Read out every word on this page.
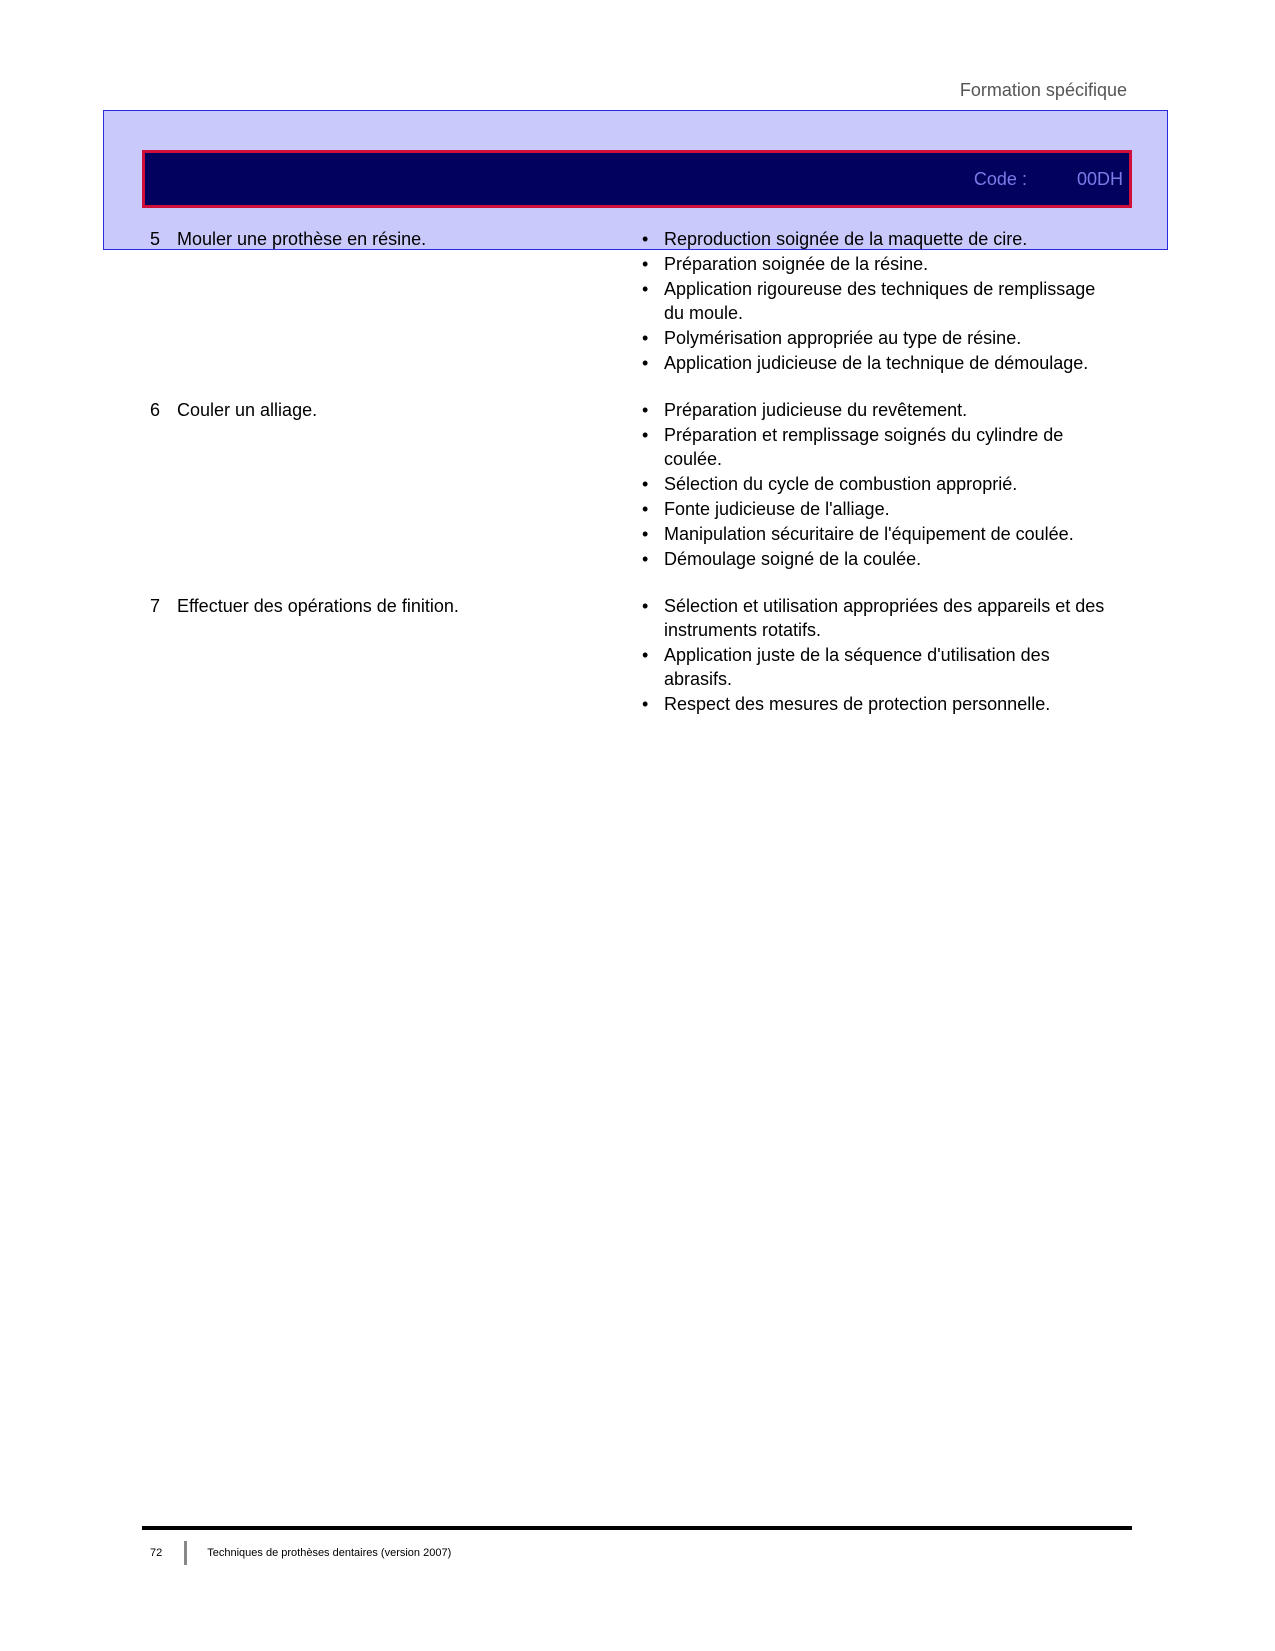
Formation spécifique
Code :	00DH
5 Mouler une prothèse en résine.	• Reproduction soignée de la maquette de cire.
• Préparation soignée de la résine.
• Application rigoureuse des techniques de remplissage du moule.
• Polymérisation appropriée au type de résine.
• Application judicieuse de la technique de démoulage.
6 Couler un alliage.	• Préparation judicieuse du revêtement.
• Préparation et remplissage soignés du cylindre de coulée.
• Sélection du cycle de combustion approprié.
• Fonte judicieuse de l'alliage.
• Manipulation sécuritaire de l'équipement de coulée.
• Démoulage soigné de la coulée.
7 Effectuer des opérations de finition.	• Sélection et utilisation appropriées des appareils et des instruments rotatifs.
• Application juste de la séquence d'utilisation des abrasifs.
• Respect des mesures de protection personnelle.
72	Techniques de prothèses dentaires (version 2007)
